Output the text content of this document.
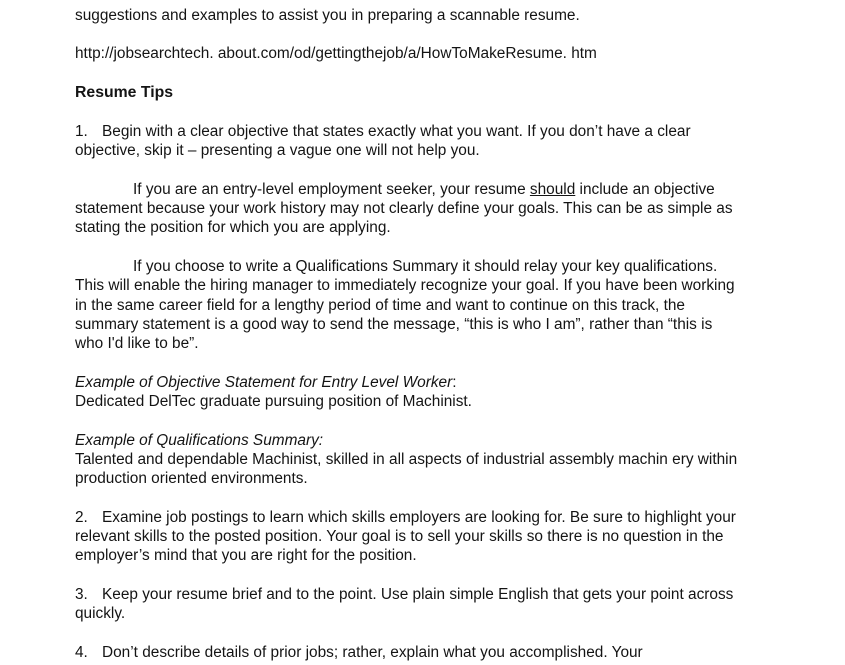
suggestions and examples to assist you in preparing a scannable resume.
http://jobsearchtech. about.com/od/gettingthejob/a/HowToMakeResume. htm
Resume Tips
1. Begin with a clear objective that states exactly what you want. If you don’t have a clear
objective, skip it – presenting a vague one will not help you.
If you are an entry-level employment seeker, your resume should include an objective
statement because your work history may not clearly define your goals. This can be as simple as
stating the position for which you are applying.
If you choose to write a Qualifications Summary it should relay your key qualifications.
This will enable the hiring manager to immediately recognize your goal. If you have been working
in the same career field for a lengthy period of time and want to continue on this track, the
summary statement is a good way to send the message, “this is who I am”, rather than “this is
who I'd like to be”.
Example of Objective Statement for Entry Level Worker:
Dedicated DelTec graduate pursuing position of Machinist.
Example of Qualifications Summary:
Talented and dependable Machinist, skilled in all aspects of industrial assembly machin ery within
production oriented environments.
2. Examine job postings to learn which skills employers are looking for. Be sure to highlight your
relevant skills to the posted position. Your goal is to sell your skills so there is no question in the
employer’s mind that you are right for the position.
3. Keep your resume brief and to the point. Use plain simple English that gets your point across
quickly.
4. Don’t describe details of prior jobs; rather, explain what you accomplished. Your
